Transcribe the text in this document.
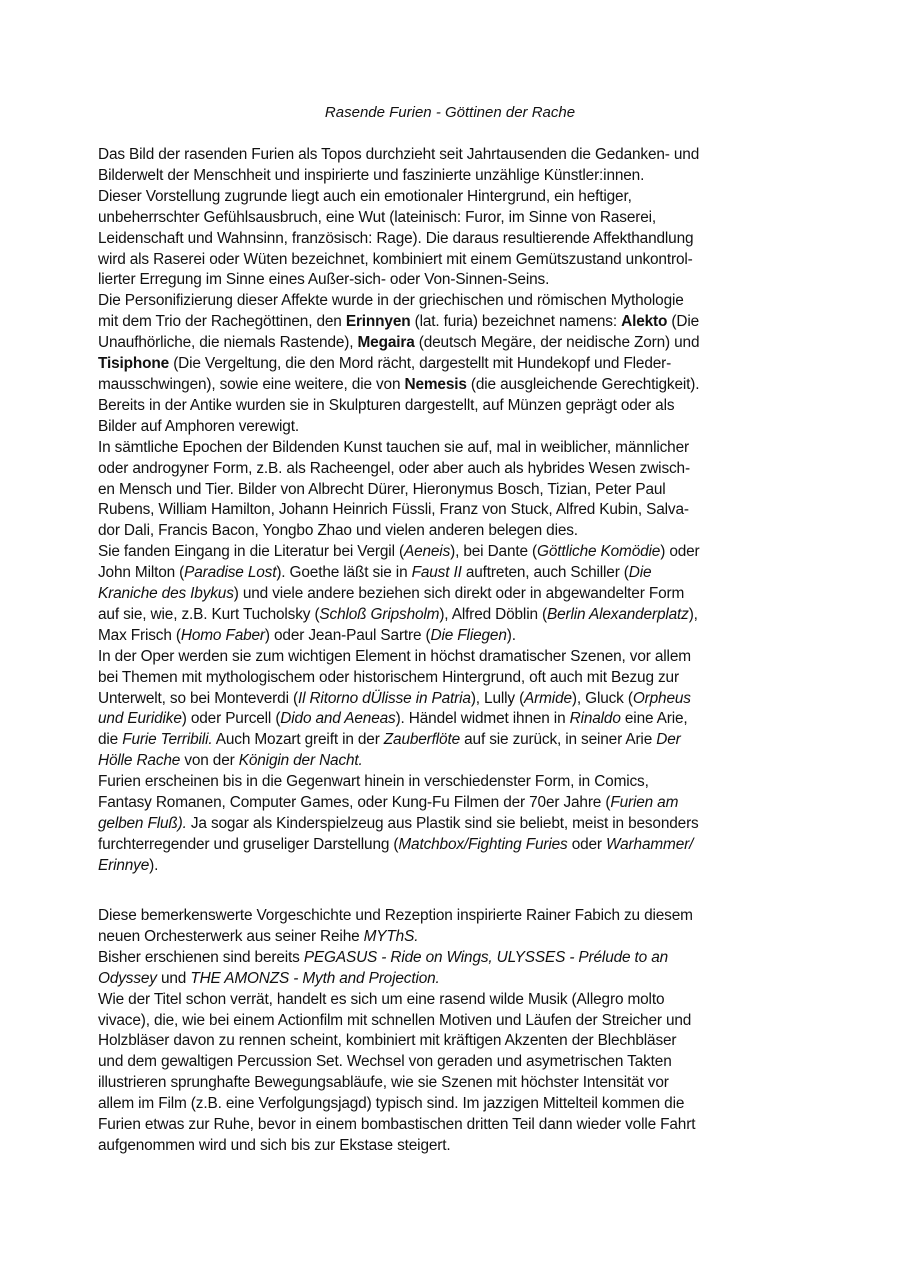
Rasende Furien - Göttinen der Rache
Das Bild der rasenden Furien als Topos durchzieht seit Jahrtausenden die Gedanken- und
Bilderwelt der Menschheit und inspirierte und faszinierte unzählige Künstler:innen.
Dieser Vorstellung zugrunde liegt auch ein emotionaler Hintergrund, ein heftiger,
unbeherrschter Gefühlsausbruch, eine Wut (lateinisch: Furor, im Sinne von Raserei,
Leidenschaft und Wahnsinn, französisch: Rage). Die daraus resultierende Affekthandlung
wird als Raserei oder Wüten bezeichnet, kombiniert mit einem Gemütszustand unkontrol-
lierter Erregung im Sinne eines Außer-sich- oder Von-Sinnen-Seins.
Die Personifizierung dieser Affekte wurde in der griechischen und römischen Mythologie
mit dem Trio der Rachegöttinen, den Erinnyen (lat. furia) bezeichnet namens: Alekto (Die
Unaufhörliche, die niemals Rastende), Megaira (deutsch Megäre, der neidische Zorn) und
Tisiphone (Die Vergeltung, die den Mord rächt, dargestellt mit Hundekopf und Fleder-
mausschwingen), sowie eine weitere, die von Nemesis (die ausgleichende Gerechtigkeit).
Bereits in der Antike wurden sie in Skulpturen dargestellt, auf Münzen geprägt oder als
Bilder auf Amphoren verewigt.
In sämtliche Epochen der Bildenden Kunst tauchen sie auf, mal in weiblicher, männlicher
oder androgyner Form, z.B. als Racheengel, oder aber auch als hybrides Wesen zwisch-
en Mensch und Tier. Bilder von Albrecht Dürer, Hieronymus Bosch, Tizian, Peter Paul
Rubens, William Hamilton, Johann Heinrich Füssli, Franz von Stuck, Alfred Kubin, Salva-
dor Dali, Francis Bacon, Yongbo Zhao und vielen anderen belegen dies.
Sie fanden Eingang in die Literatur bei Vergil (Aeneis), bei Dante (Göttliche Komödie) oder
John Milton (Paradise Lost). Goethe läßt sie in Faust II auftreten, auch Schiller (Die
Kraniche des Ibykus) und viele andere beziehen sich direkt oder in abgewandelter Form
auf sie, wie, z.B. Kurt Tucholsky (Schloß Gripsholm), Alfred Döblin (Berlin Alexanderplatz),
Max Frisch (Homo Faber) oder Jean-Paul Sartre (Die Fliegen).
In der Oper werden sie zum wichtigen Element in höchst dramatischer Szenen, vor allem
bei Themen mit mythologischem oder historischem Hintergrund, oft auch mit Bezug zur
Unterwelt, so bei Monteverdi (Il Ritorno dÜlisse in Patria), Lully (Armide), Gluck (Orpheus
und Euridike) oder Purcell (Dido and Aeneas). Händel widmet ihnen in Rinaldo eine Arie,
die Furie Terribili. Auch Mozart greift in der Zauberflöte auf sie zurück, in seiner Arie Der
Hölle Rache von der Königin der Nacht.
Furien erscheinen bis in die Gegenwart hinein in verschiedenster Form, in Comics,
Fantasy Romanen, Computer Games, oder Kung-Fu Filmen der 70er Jahre (Furien am
gelben Fluß). Ja sogar als Kinderspielzeug aus Plastik sind sie beliebt, meist in besonders
furchterregender und gruseliger Darstellung (Matchbox/Fighting Furies oder Warhammer/
Erinnye).
Diese bemerkenswerte Vorgeschichte und Rezeption inspirierte Rainer Fabich zu diesem
neuen Orchesterwerk aus seiner Reihe MYThS.
Bisher erschienen sind bereits PEGASUS - Ride on Wings, ULYSSES - Prélude to an
Odyssey und THE AMONZS - Myth and Projection.
Wie der Titel schon verrät, handelt es sich um eine rasend wilde Musik (Allegro molto
vivace), die, wie bei einem Actionfilm mit schnellen Motiven und Läufen der Streicher und
Holzbläser davon zu rennen scheint, kombiniert mit kräftigen Akzenten der Blechbläser
und dem gewaltigen Percussion Set. Wechsel von geraden und asymetrischen Takten
illustrieren sprunghafte Bewegungsabläufe, wie sie Szenen mit höchster Intensität vor
allem im Film (z.B. eine Verfolgungsjagd) typisch sind. Im jazzigen Mittelteil kommen die
Furien etwas zur Ruhe, bevor in einem bombastischen dritten Teil dann wieder volle Fahrt
aufgenommen wird und sich bis zur Ekstase steigert.
